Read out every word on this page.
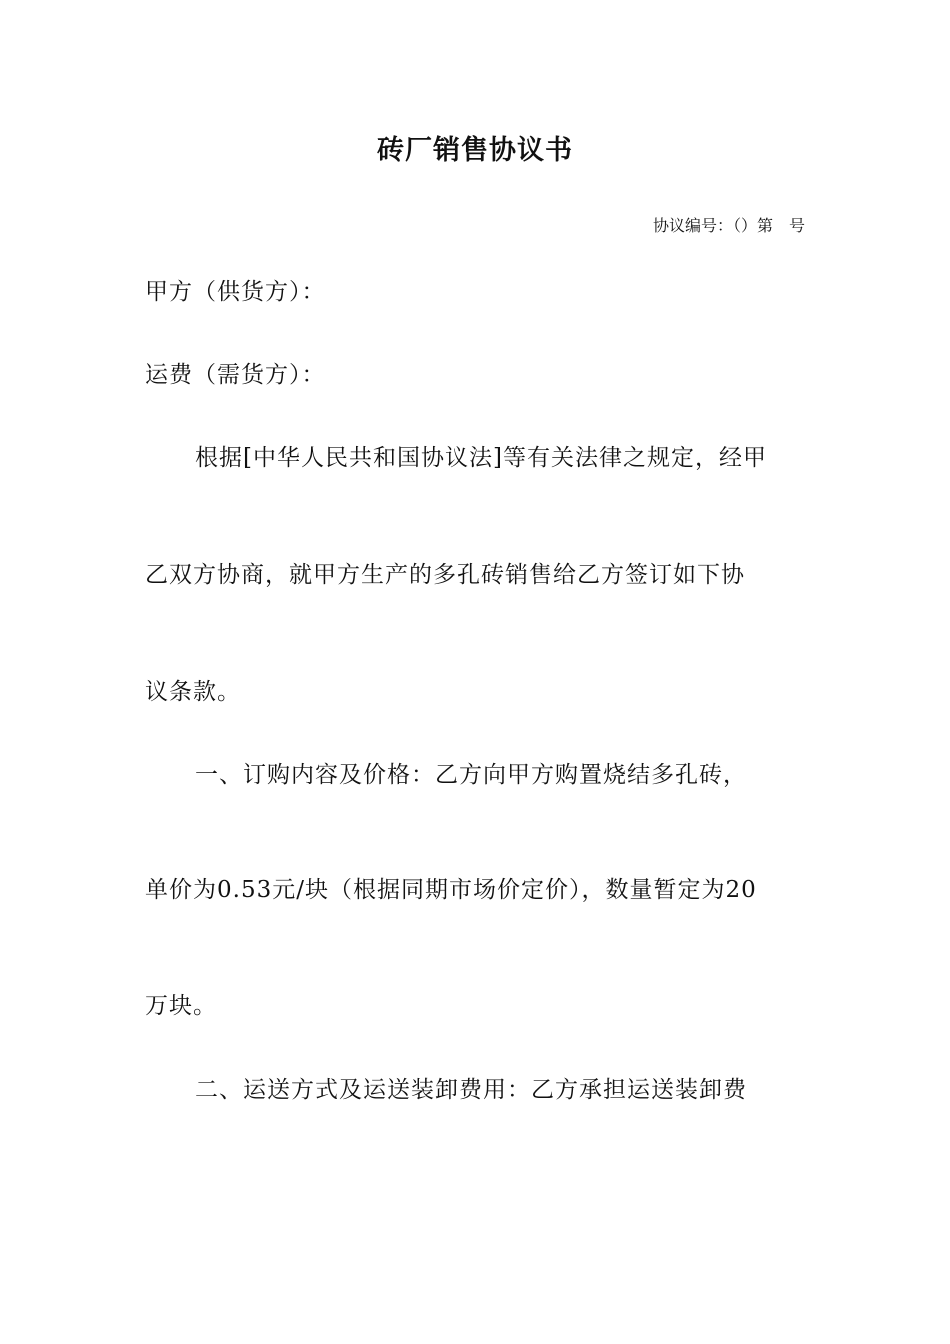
砖厂销售协议书
协议编号：（）第　号
甲方（供货方）：
运费（需货方）：
根据[中华人民共和国协议法]等有关法律之规定，经甲
乙双方协商，就甲方生产的多孔砖销售给乙方签订如下协
议条款。
一、订购内容及价格：乙方向甲方购置烧结多孔砖，
单价为0.53元/块（根据同期市场价定价），数量暂定为20
万块。
二、运送方式及运送装卸费用：乙方承担运送装卸费
